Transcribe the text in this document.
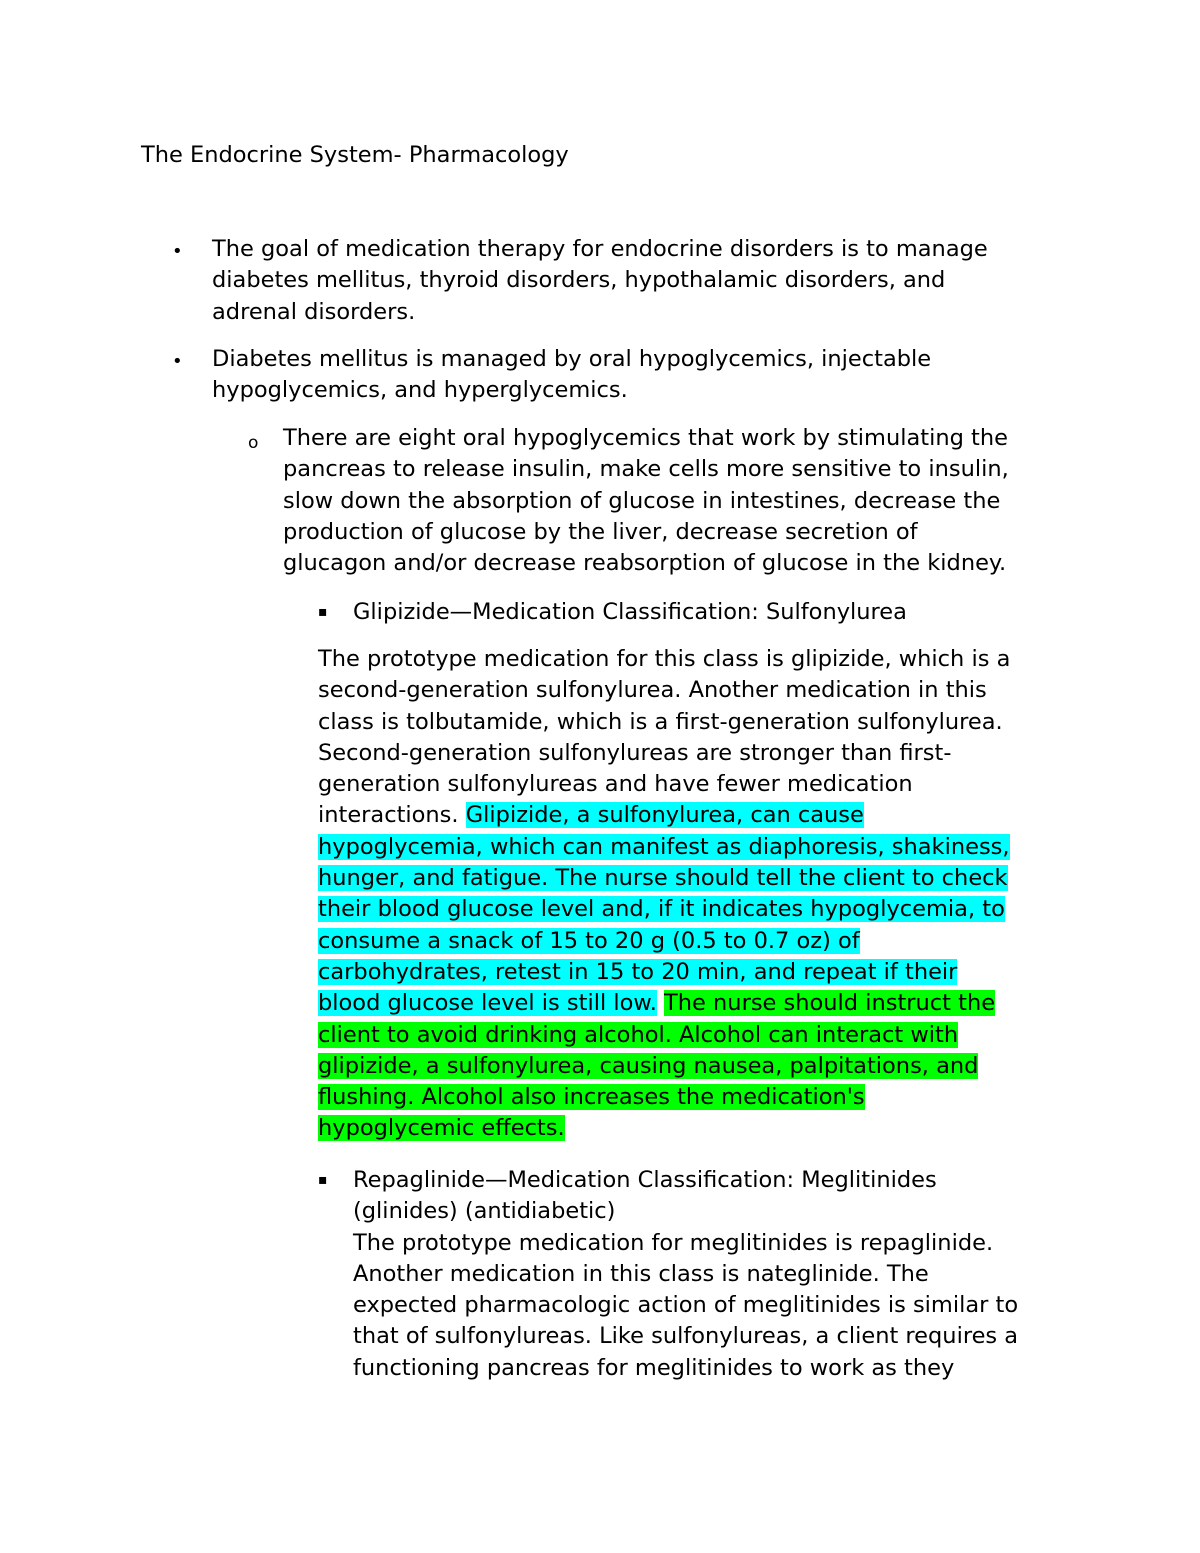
The Endocrine System- Pharmacology
• The goal of medication therapy for endocrine disorders is to manage
diabetes mellitus, thyroid disorders, hypothalamic disorders, and
adrenal disorders.
• Diabetes mellitus is managed by oral hypoglycemics, injectable
hypoglycemics, and hyperglycemics.
o There are eight oral hypoglycemics that work by stimulating the
pancreas to release insulin, make cells more sensitive to insulin,
slow down the absorption of glucose in intestines, decrease the
production of glucose by the liver, decrease secretion of
glucagon and/or decrease reabsorption of glucose in the kidney.
▪ Glipizide—Medication Classification: Sulfonylurea
The prototype medication for this class is glipizide, which is a
second-generation sulfonylurea. Another medication in this
class is tolbutamide, which is a first-generation sulfonylurea.
Second-generation sulfonylureas are stronger than first-
generation sulfonylureas and have fewer medication
interactions. Glipizide, a sulfonylurea, can cause
hypoglycemia, which can manifest as diaphoresis, shakiness,
hunger, and fatigue. The nurse should tell the client to check
their blood glucose level and, if it indicates hypoglycemia, to
consume a snack of 15 to 20 g (0.5 to 0.7 oz) of
carbohydrates, retest in 15 to 20 min, and repeat if their
blood glucose level is still low. The nurse should instruct the
client to avoid drinking alcohol. Alcohol can interact with
glipizide, a sulfonylurea, causing nausea, palpitations, and
flushing. Alcohol also increases the medication's
hypoglycemic effects.
▪ Repaglinide—Medication Classification: Meglitinides
(glinides) (antidiabetic)
The prototype medication for meglitinides is repaglinide.
Another medication in this class is nateglinide. The
expected pharmacologic action of meglitinides is similar to
that of sulfonylureas. Like sulfonylureas, a client requires a
functioning pancreas for meglitinides to work as they
